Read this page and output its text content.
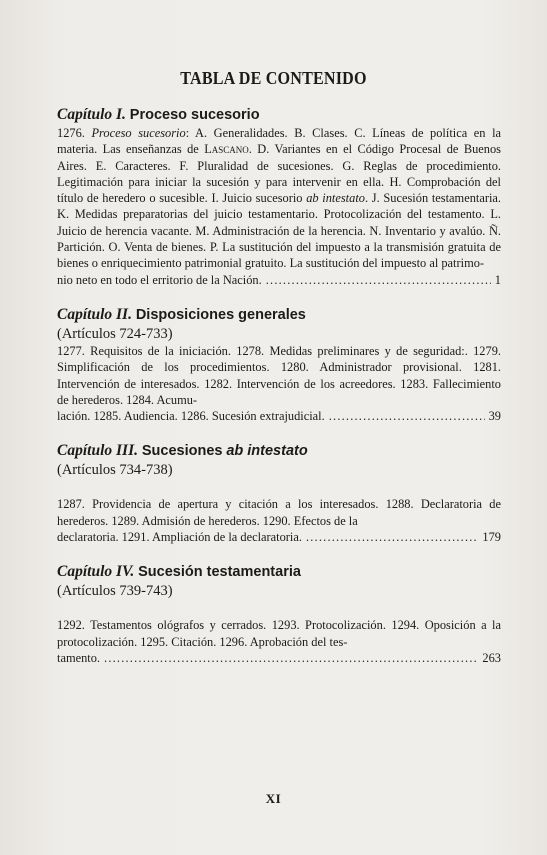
TABLA DE CONTENIDO
Capítulo I. Proceso sucesorio

1276. Proceso sucesorio: A. Generalidades. B. Clases. C. Líneas de política en la materia. Las enseñanzas de Lascano. D. Variantes en el Código Procesal de Buenos Aires. E. Caracteres. F. Pluralidad de sucesiones. G. Reglas de procedimiento. Legitimación para iniciar la sucesión y para intervenir en ella. H. Comprobación del título de heredero o sucesible. I. Juicio sucesorio ab intestato. J. Sucesión testamentaria. K. Medidas preparatorias del juicio testamentario. Protocolización del testamento. L. Juicio de herencia vacante. M. Administración de la herencia. N. Inventario y avalúo. Ñ. Partición. O. Venta de bienes. P. La sustitución del impuesto a la transmisión gratuita de bienes o enriquecimiento patrimonial gratuito. La sustitución del impuesto al patrimo-

nio neto en todo el erritorio de la Nación. .....	1
Capítulo II. Disposiciones generales
(Artículos 724-733)

1277. Requisitos de la iniciación. 1278. Medidas preliminares y de seguridad:. 1279. Simplificación de los procedimientos. 1280. Administrador provisional. 1281. Intervención de interesados. 1282. Intervención de los acreedores. 1283. Fallecimiento de herederos. 1284. Acumu-

lación. 1285. Audiencia. 1286. Sucesión extrajudicial. .....	39
Capítulo III. Sucesiones ab intestato
(Artículos 734-738)

1287. Providencia de apertura y citación a los interesados. 1288. Declaratoria de herederos. 1289. Admisión de herederos. 1290. Efectos de la

declaratoria. 1291. Ampliación de la declaratoria. .....	179
Capítulo IV. Sucesión testamentaria
(Artículos 739-743)

1292. Testamentos ológrafos y cerrados. 1293. Protocolización. 1294. Oposición a la protocolización. 1295. Citación. 1296. Aprobación del tes-

tamento. .....	263
XI
